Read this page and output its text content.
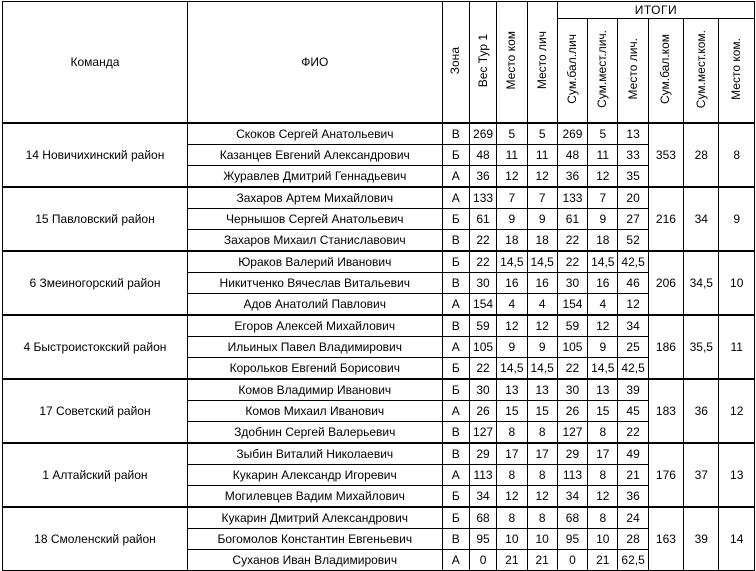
Команда	ФИО	Зона	Вес Тур 1	Место ком	Место лич	ИТОГИ					
						Сум.бал.лич	Сум.мест.лич.	Место лич.	Сум.бал.ком	Сум.мест.ком.	Место ком.
14 Новичихинский район	Скоков Сергей Анатольевич	В	269	5	5	269	5	13	353	28	8
	Казанцев Евгений Александрович	Б	48	11	11	48	11	33			
	Журавлев Дмитрий Геннадьевич	А	36	12	12	36	12	35			
15 Павловский район	Захаров Артем Михайлович	А	133	7	7	133	7	20	216	34	9
	Чернышов Сергей Анатольевич	Б	61	9	9	61	9	27			
	Захаров Михаил Станиславович	В	22	18	18	22	18	52			
6 Змеиногорский район	Юраков Валерий Иванович	Б	22	14,5	14,5	22	14,5	42,5	206	34,5	10
	Никитченко Вячеслав Витальевич	В	30	16	16	30	16	46			
	Адов Анатолий Павлович	А	154	4	4	154	4	12			
4 Быстроистокский район	Егоров Алексей Михайлович	В	59	12	12	59	12	34	186	35,5	11
	Ильиных Павел Владимирович	А	105	9	9	105	9	25			
	Корольков Евгений Борисович	Б	22	14,5	14,5	22	14,5	42,5			
17 Советский район	Комов Владимир Иванович	Б	30	13	13	30	13	39	183	36	12
	Комов Михаил Иванович	А	26	15	15	26	15	45			
	Здобнин Сергей Валерьевич	В	127	8	8	127	8	22			
1 Алтайский район	Зыбин Виталий Николаевич	В	29	17	17	29	17	49	176	37	13
	Кукарин Александр Игоревич	А	113	8	8	113	8	21			
	Могилевцев Вадим Михайлович	Б	34	12	12	34	12	36			
18 Смоленский район	Кукарин Дмитрий Александрович	Б	68	8	8	68	8	24	163	39	14
	Богомолов Константин Евгеньевич	В	95	10	10	95	10	28			
	Суханов Иван Владимирович	А	0	21	21	0	21	62,5			
